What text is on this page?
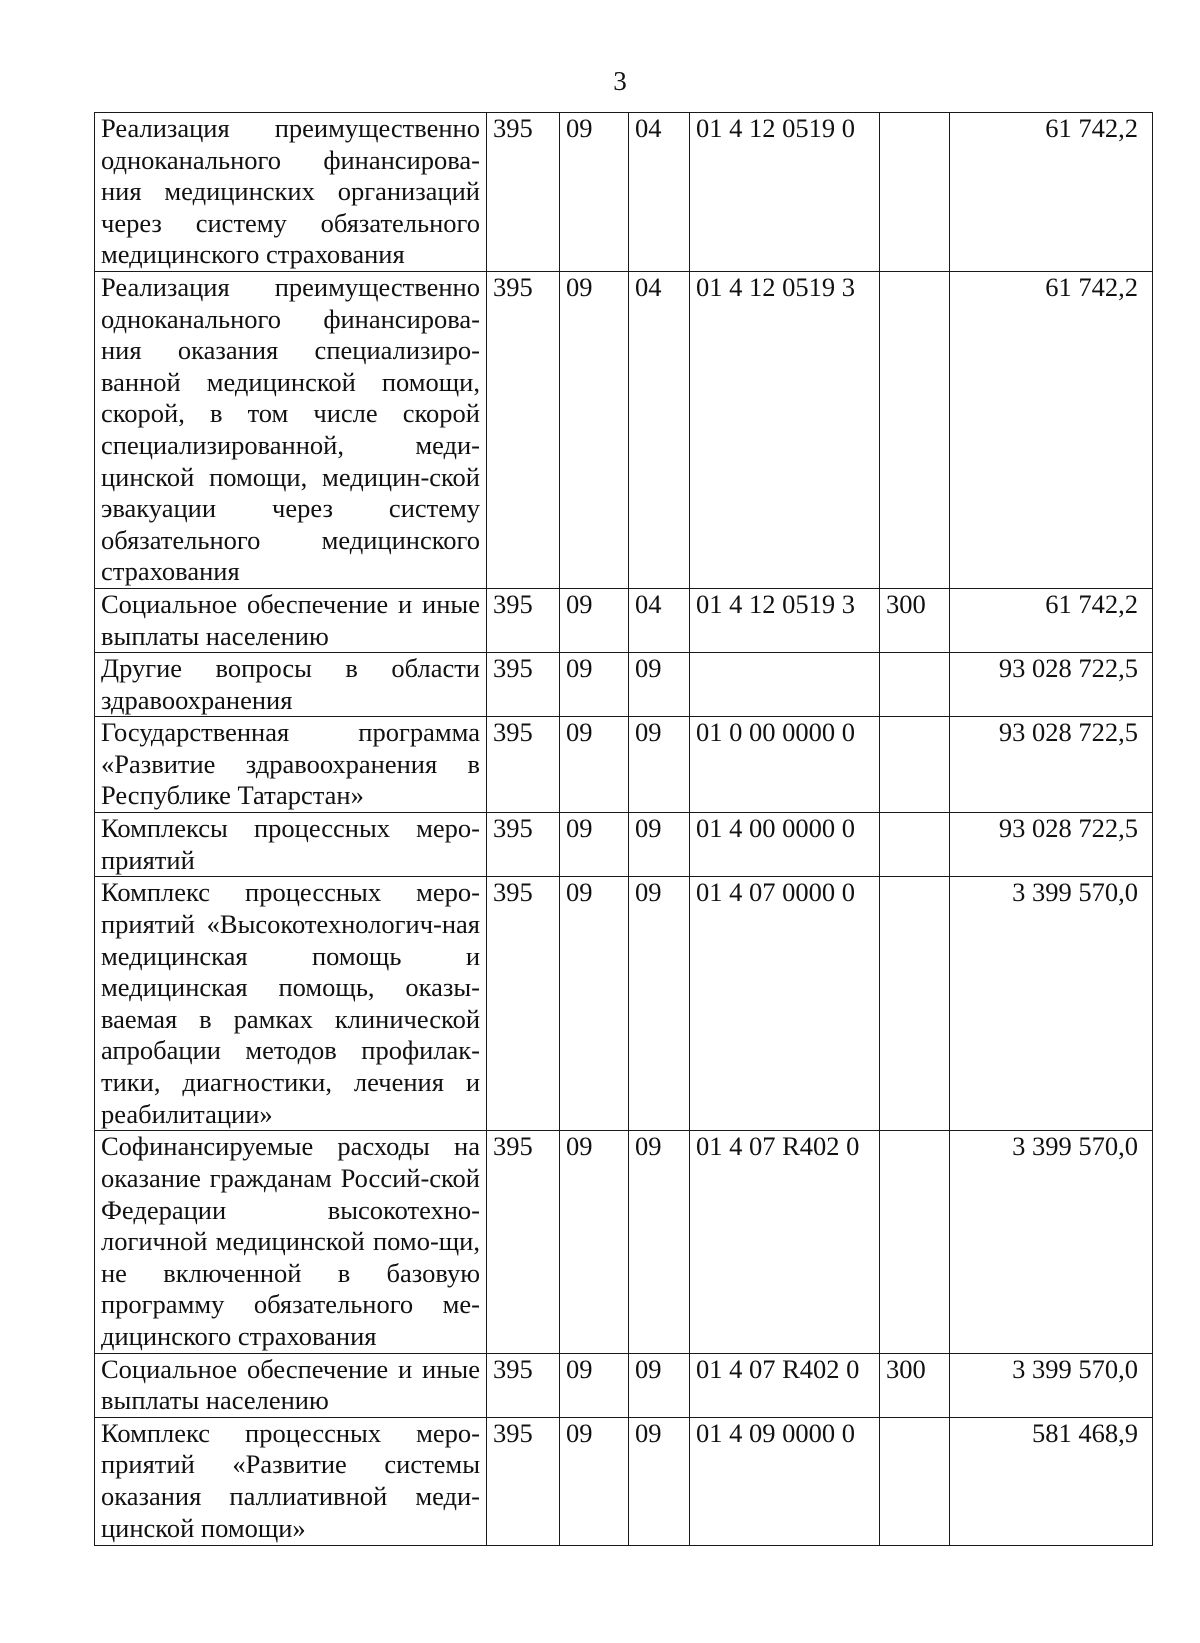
3
Реализация преимущественно одноканального финансирова-ния медицинских организаций через систему обязательного медицинского страхования	395	09	04	01 4 12 0519 0		61 742,2
Реализация преимущественно одноканального финансирова-ния оказания специализиро-ванной медицинской помощи, скорой, в том числе скорой специализированной, меди-цинской помощи, медицин-ской эвакуации через систему обязательного медицинского страхования	395	09	04	01 4 12 0519 3		61 742,2
Социальное обеспечение и иные выплаты населению	395	09	04	01 4 12 0519 3	300	61 742,2
Другие вопросы в области здравоохранения	395	09	09			93 028 722,5
Государственная программа «Развитие здравоохранения в Республике Татарстан»	395	09	09	01 0 00 0000 0		93 028 722,5
Комплексы процессных меро-приятий	395	09	09	01 4 00 0000 0		93 028 722,5
Комплекс процессных меро-приятий «Высокотехнологич-ная медицинская помощь и медицинская помощь, оказы-ваемая в рамках клинической апробации методов профилак-тики, диагностики, лечения и реабилитации»	395	09	09	01 4 07 0000 0		3 399 570,0
Софинансируемые расходы на оказание гражданам Россий-ской Федерации высокотехно-логичной медицинской помо-щи, не включенной в базовую программу обязательного ме-дицинского страхования	395	09	09	01 4 07 R402 0		3 399 570,0
Социальное обеспечение и иные выплаты населению	395	09	09	01 4 07 R402 0	300	3 399 570,0
Комплекс процессных меро-приятий «Развитие системы оказания паллиативной меди-цинской помощи»	395	09	09	01 4 09 0000 0		581 468,9
